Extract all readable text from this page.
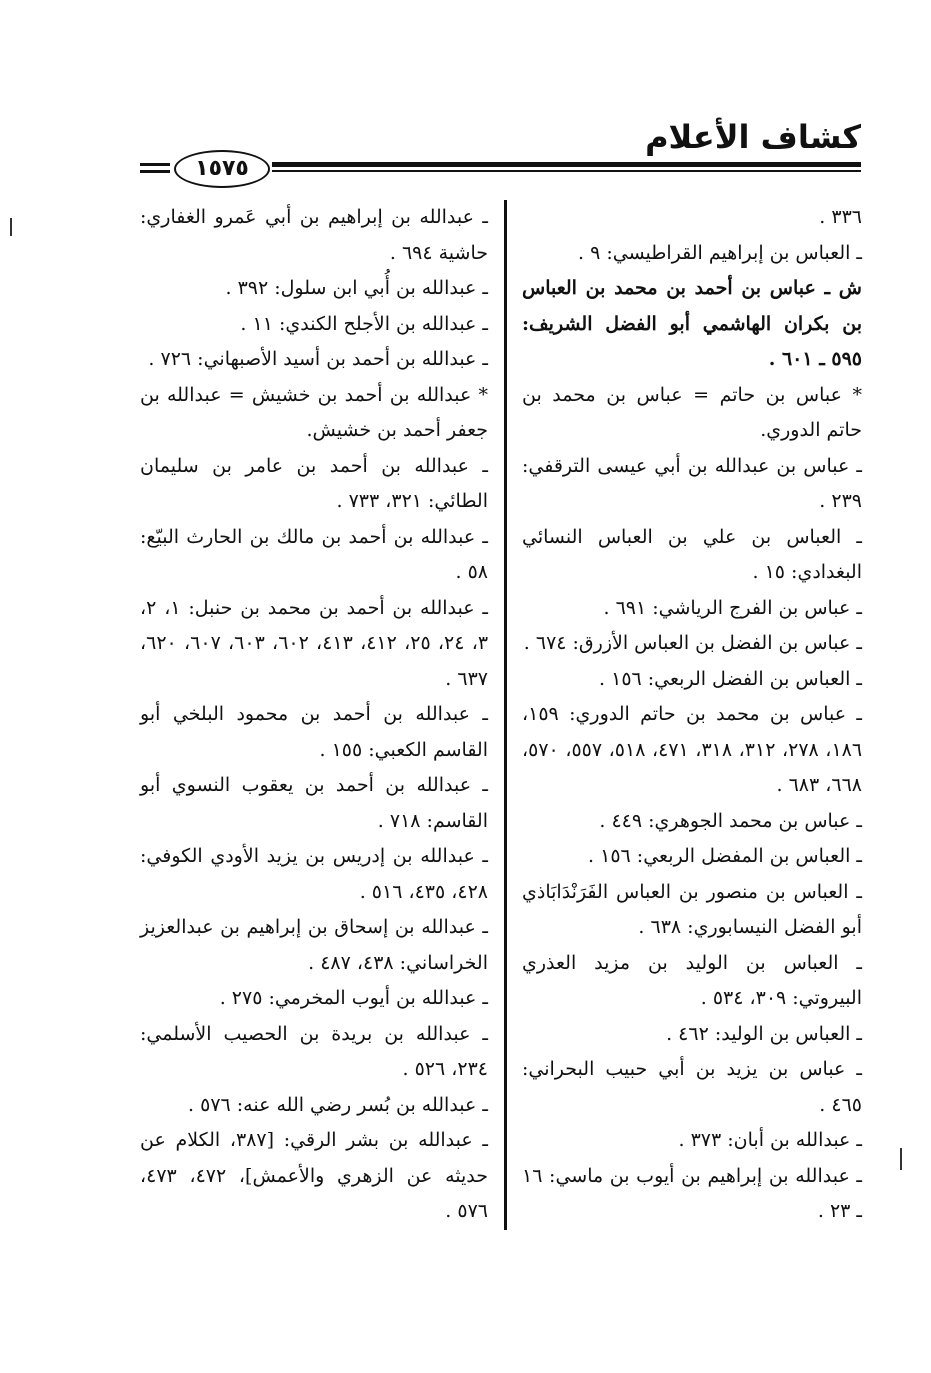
كشاف الأعلام
١٥٧٥

٣٣٦ .

ـ العباس بن إبراهيم القراطيسي: ٩ .

ش ـ عباس بن أحمد بن محمد بن العباس بن بكران الهاشمي أبو الفضل الشريف: ٥٩٥ ـ ٦٠١ .

* عباس بن حاتم = عباس بن محمد بن حاتم الدوري.

ـ عباس بن عبدالله بن أبي عيسى الترقفي: ٢٣٩ .

ـ العباس بن علي بن العباس النسائي البغدادي: ١٥ .

ـ عباس بن الفرج الرياشي: ٦٩١ .

ـ عباس بن الفضل بن العباس الأزرق: ٦٧٤ .

ـ العباس بن الفضل الربعي: ١٥٦ .

ـ عباس بن محمد بن حاتم الدوري: ١٥٩، ١٨٦، ٢٧٨، ٣١٢، ٣١٨، ٤٧١، ٥١٨، ٥٥٧، ٥٧٠، ٦٦٨، ٦٨٣ .

ـ عباس بن محمد الجوهري: ٤٤٩ .

ـ العباس بن المفضل الربعي: ١٥٦ .

ـ العباس بن منصور بن العباس الفَرَنْدَابَاذي أبو الفضل النيسابوري: ٦٣٨ .

ـ العباس بن الوليد بن مزيد العذري البيروتي: ٣٠٩، ٥٣٤ .

ـ العباس بن الوليد: ٤٦٢ .

ـ عباس بن يزيد بن أبي حبيب البحراني: ٤٦٥ .

ـ عبدالله بن أبان: ٣٧٣ .

ـ عبدالله بن إبراهيم بن أيوب بن ماسي: ١٦ ـ ٢٣ .

ـ عبدالله بن إبراهيم بن أبي عَمرو الغفاري: حاشية ٦٩٤ .

ـ عبدالله بن أُبي ابن سلول: ٣٩٢ .

ـ عبدالله بن الأجلح الكندي: ١١ .

ـ عبدالله بن أحمد بن أسيد الأصبهاني: ٧٢٦ .

* عبدالله بن أحمد بن خشيش = عبدالله بن جعفر أحمد بن خشيش.

ـ عبدالله بن أحمد بن عامر بن سليمان الطائي: ٣٢١، ٧٣٣ .

ـ عبدالله بن أحمد بن مالك بن الحارث البيّع: ٥٨ .

ـ عبدالله بن أحمد بن محمد بن حنبل: ١، ٢، ٣، ٢٤، ٢٥، ٤١٢، ٤١٣، ٦٠٢، ٦٠٣، ٦٠٧، ٦٢٠، ٦٣٧ .

ـ عبدالله بن أحمد بن محمود البلخي أبو القاسم الكعبي: ١٥٥ .

ـ عبدالله بن أحمد بن يعقوب النسوي أبو القاسم: ٧١٨ .

ـ عبدالله بن إدريس بن يزيد الأودي الكوفي: ٤٢٨، ٤٣٥، ٥١٦ .

ـ عبدالله بن إسحاق بن إبراهيم بن عبدالعزيز الخراساني: ٤٣٨، ٤٨٧ .

ـ عبدالله بن أيوب المخرمي: ٢٧٥ .

ـ عبدالله بن بريدة بن الحصيب الأسلمي: ٢٣٤، ٥٢٦ .

ـ عبدالله بن بُسر رضي الله عنه: ٥٧٦ .

ـ عبدالله بن بشر الرقي: [٣٨٧، الكلام عن حديثه عن الزهري والأعمش]، ٤٧٢، ٤٧٣، ٥٧٦ .
